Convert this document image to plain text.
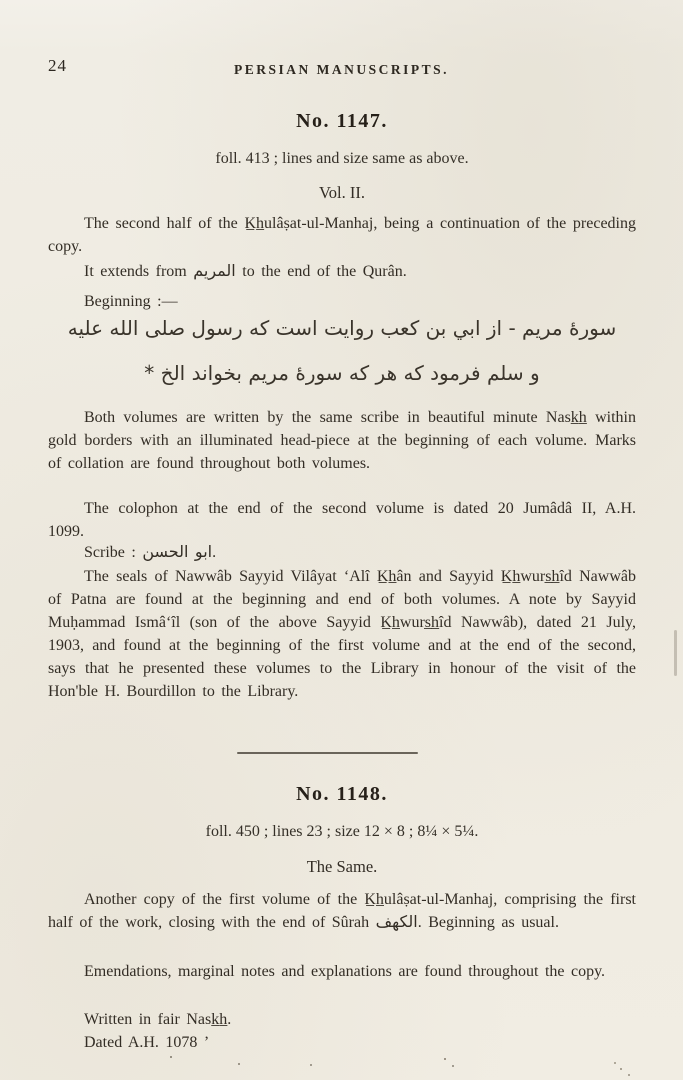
24	PERSIAN MANUSCRIPTS.
No. 1147.
foll. 413 ; lines and size same as above.
Vol. II.
The second half of the K̲h̲ulâṣat-ul-Manhaj, being a continuation of the preceding copy.
It extends from المريم to the end of the Qurân.
Beginning :—
سورۀ مريم - از ابي بن كعب روايت است كه رسول صلى الله عليه
و سلم فرمود كه هر كه سورۀ مريم بخواند الخ *
Both volumes are written by the same scribe in beautiful minute Nask̲h̲ within gold borders with an illuminated head-piece at the beginning of each volume. Marks of collation are found throughout both volumes.
The colophon at the end of the second volume is dated 20 Jumâdâ II, A.H. 1099.
Scribe : ابو الحسن.
The seals of Nawwâb Sayyid Vilâyat ʻAlî K̲h̲ân and Sayyid K̲h̲wurs̲h̲îd Nawwâb of Patna are found at the beginning and end of both volumes. A note by Sayyid Muḥammad Ismâʻîl (son of the above Sayyid K̲h̲wurs̲h̲îd Nawwâb), dated 21 July, 1903, and found at the beginning of the first volume and at the end of the second, says that he presented these volumes to the Library in honour of the visit of the Hon'ble H. Bourdillon to the Library.
No. 1148.
foll. 450 ; lines 23 ; size 12 × 8 ; 8¼ × 5¼.
The Same.
Another copy of the first volume of the K̲h̲ulâṣat-ul-Manhaj, comprising the first half of the work, closing with the end of Sûrah الكهف. Beginning as usual.
Emendations, marginal notes and explanations are found throughout the copy.
Written in fair Nask̲h̲.
Dated A.H. 1078 ’
